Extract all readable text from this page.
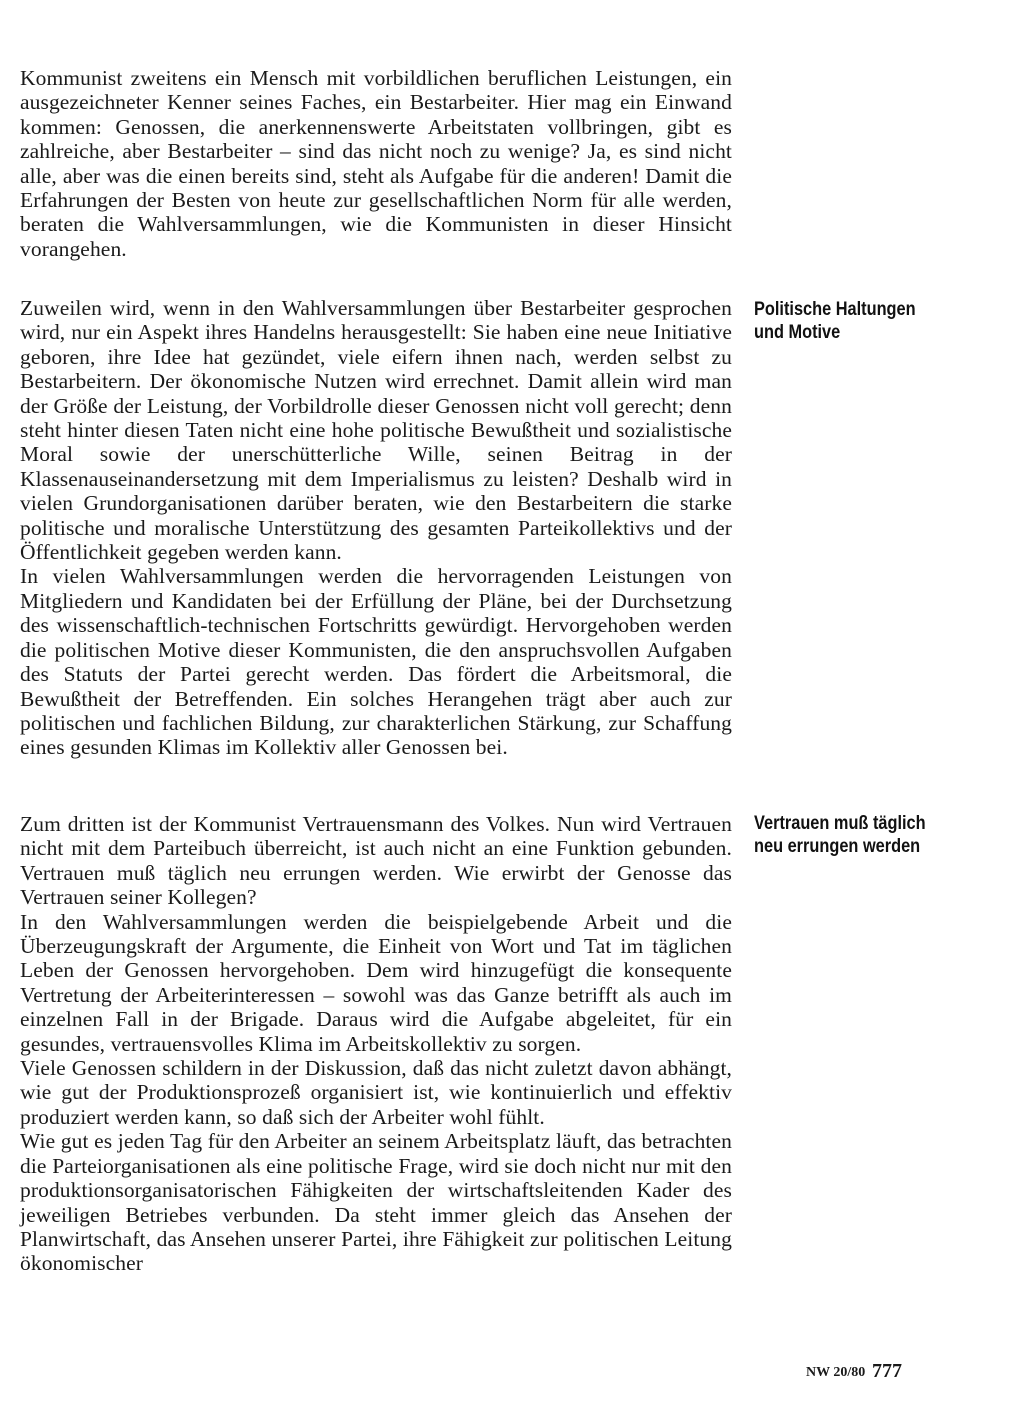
Kommunist zweitens ein Mensch mit vorbildlichen beruflichen Leistungen, ein ausgezeichneter Kenner seines Faches, ein Bestarbeiter. Hier mag ein Einwand kommen: Genossen, die anerkennenswerte Arbeitstaten vollbringen, gibt es zahlreiche, aber Bestarbeiter – sind das nicht noch zu wenige? Ja, es sind nicht alle, aber was die einen bereits sind, steht als Aufgabe für die anderen! Damit die Erfahrungen der Besten von heute zur gesellschaftlichen Norm für alle werden, beraten die Wahlversammlungen, wie die Kommunisten in dieser Hinsicht vorangehen.

Zuweilen wird, wenn in den Wahlversammlungen über Bestarbeiter gesprochen wird, nur ein Aspekt ihres Handelns herausgestellt: Sie haben eine neue Initiative geboren, ihre Idee hat gezündet, viele eifern ihnen nach, werden selbst zu Bestarbeitern. Der ökonomische Nutzen wird errechnet. Damit allein wird man der Größe der Leistung, der Vorbildrolle dieser Genossen nicht voll gerecht; denn steht hinter diesen Taten nicht eine hohe politische Bewußtheit und sozialistische Moral sowie der unerschütterliche Wille, seinen Beitrag in der Klassenauseinandersetzung mit dem Imperialismus zu leisten? Deshalb wird in vielen Grundorganisationen darüber beraten, wie den Bestarbeitern die starke politische und moralische Unterstützung des gesamten Parteikollektivs und der Öffentlichkeit gegeben werden kann.

In vielen Wahlversammlungen werden die hervorragenden Leistungen von Mitgliedern und Kandidaten bei der Erfüllung der Pläne, bei der Durchsetzung des wissenschaftlich-technischen Fortschritts gewürdigt. Hervorgehoben werden die politischen Motive dieser Kommunisten, die den anspruchsvollen Aufgaben des Statuts der Partei gerecht werden. Das fördert die Arbeitsmoral, die Bewußtheit der Betreffenden. Ein solches Herangehen trägt aber auch zur politischen und fachlichen Bildung, zur charakterlichen Stärkung, zur Schaffung eines gesunden Klimas im Kollektiv aller Genossen bei.

Zum dritten ist der Kommunist Vertrauensmann des Volkes. Nun wird Vertrauen nicht mit dem Parteibuch überreicht, ist auch nicht an eine Funktion gebunden. Vertrauen muß täglich neu errungen werden. Wie erwirbt der Genosse das Vertrauen seiner Kollegen?

In den Wahlversammlungen werden die beispielgebende Arbeit und die Überzeugungskraft der Argumente, die Einheit von Wort und Tat im täglichen Leben der Genossen hervorgehoben. Dem wird hinzugefügt die konsequente Vertretung der Arbeiterinteressen – sowohl was das Ganze betrifft als auch im einzelnen Fall in der Brigade. Daraus wird die Aufgabe abgeleitet, für ein gesundes, vertrauensvolles Klima im Arbeitskollektiv zu sorgen.

Viele Genossen schildern in der Diskussion, daß das nicht zuletzt davon abhängt, wie gut der Produktionsprozeß organisiert ist, wie kontinuierlich und effektiv produziert werden kann, so daß sich der Arbeiter wohl fühlt.

Wie gut es jeden Tag für den Arbeiter an seinem Arbeitsplatz läuft, das betrachten die Parteiorganisationen als eine politische Frage, wird sie doch nicht nur mit den produktionsorganisatorischen Fähigkeiten der wirtschaftsleitenden Kader des jeweiligen Betriebes verbunden. Da steht immer gleich das Ansehen der Planwirtschaft, das Ansehen unserer Partei, ihre Fähigkeit zur politischen Leitung ökonomischer

Politische Haltungen und Motive
Vertrauen muß täglich neu errungen werden
NW 20/80 777
